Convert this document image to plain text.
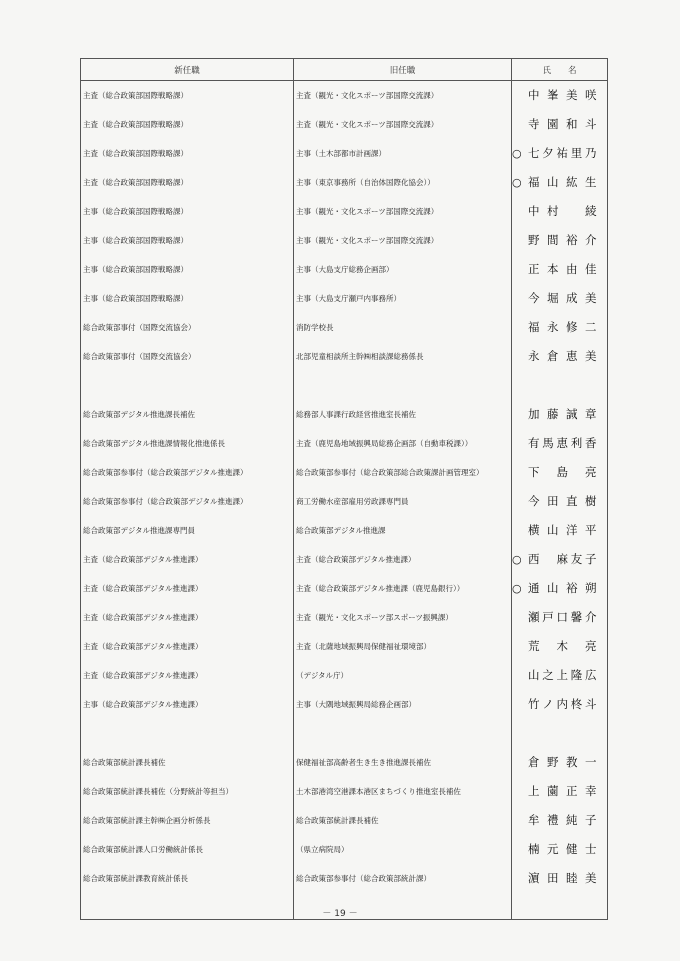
新任職	旧任職	氏　　名
主査（総合政策部国際戦略課）	主査（観光・文化スポーツ部国際交流課）	中峯美咲

主査（総合政策部国際戦略課）	主査（観光・文化スポーツ部国際交流課）	寺園和斗

主査（総合政策部国際戦略課）	主事（土木部都市計画課）	○ 七夕祐里乃

主査（総合政策部国際戦略課）	主事（東京事務所（自治体国際化協会））	○ 福山紘生

主事（総合政策部国際戦略課）	主事（観光・文化スポーツ部国際交流課）	中村　綾

主事（総合政策部国際戦略課）	主事（観光・文化スポーツ部国際交流課）	野間裕介

主事（総合政策部国際戦略課）	主事（大島支庁総務企画部）	正本由佳

主事（総合政策部国際戦略課）	主事（大島支庁瀬戸内事務所）	今堀成美

総合政策部事付（国際交流協会）	消防学校長	福永修二

総合政策部事付（国際交流協会）	北部児童相談所主幹㈱相談課総務係長	永倉恵美

総合政策部デジタル推進課長補佐	総務部人事課行政経営推進室長補佐	加藤誠章

総合政策部デジタル推進課情報化推進係長	主査（鹿児島地域振興局総務企画部（自動車税課））	有馬恵利香

総合政策部参事付（総合政策部デジタル推進課）	総合政策部参事付（総合政策部総合政策課計画管理室）	下　島　亮

総合政策部参事付（総合政策部デジタル推進課）	商工労働水産部雇用労政課専門員	今田直樹

総合政策部デジタル推進課専門員	総合政策部デジタル推進課	横山洋平

主査（総合政策部デジタル推進課）	主査（総合政策部デジタル推進課）	○ 西　麻友子

主査（総合政策部デジタル推進課）	主査（総合政策部デジタル推進課（鹿児島銀行））	○ 通山裕朔

主査（総合政策部デジタル推進課）	主査（観光・文化スポーツ部スポーツ振興課）	瀬戸口馨介

主査（総合政策部デジタル推進課）	主査（北薩地域振興局保健福祉環境部）	荒　木　亮

主査（総合政策部デジタル推進課）	（デジタル庁）	山之上隆広

主事（総合政策部デジタル推進課）	主事（大隅地域振興局総務企画部）	竹ノ内柊斗

総合政策部統計課長補佐	保健福祉部高齢者生き生き推進課長補佐	倉野教一

総合政策部統計課長補佐（分野統計等担当）	土木部港湾空港課本港区まちづくり推進室長補佐	上薗正幸

総合政策部統計課主幹㈱企画分析係長	総合政策部統計課長補佐	牟禮純子

総合政策部統計課人口労働統計係長	（県立病院局）	楠元健士

総合政策部統計課教育統計係長	総合政策部参事付（総合政策部統計課）	濵田睦美

－ 19 －
